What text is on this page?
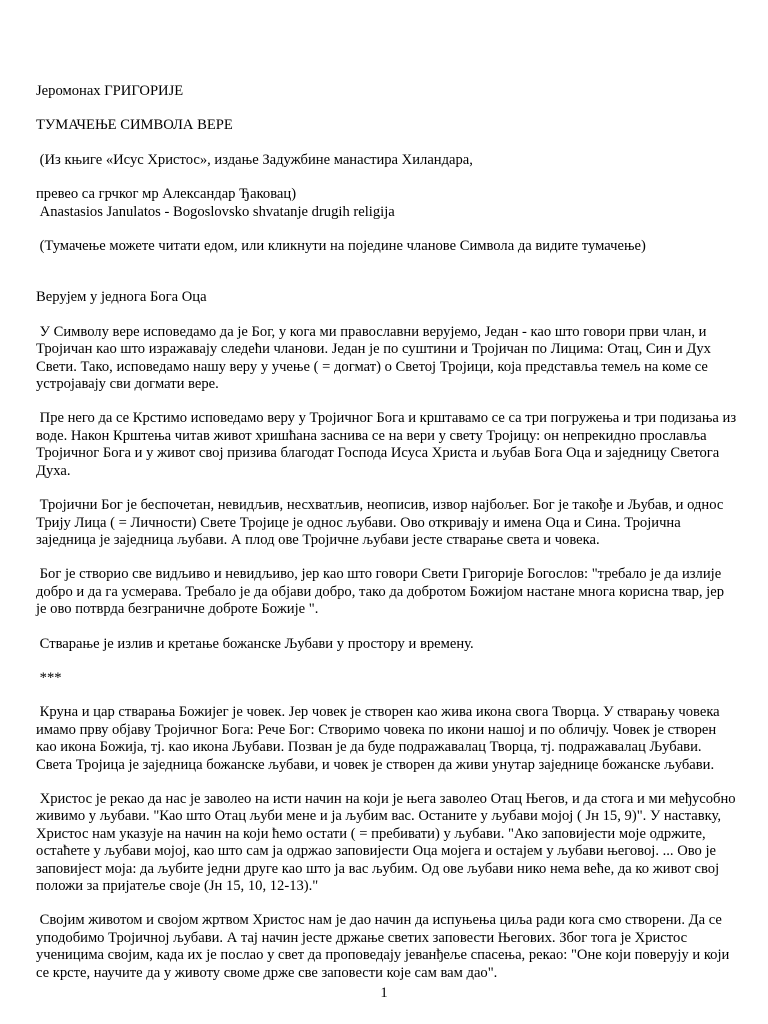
Јеромонах ГРИГОРИЈЕ

ТУМАЧЕЊЕ СИМВОЛА ВЕРЕ

(Из књиге «Исус Христос», издање Задужбине манастира Хиландара,

превео са грчког мр Александар Ђаковац)

Anastasios Janulatos - Bogoslovsko shvatanje drugih religija

(Тумачење можете читати едом, или кликнути на појединe чланове Символа да видите тумачење)

Верујем у једнога Бога Оца

У Символу вере исповедамо да је Бог, у кога ми православни верујемо, Један - као што говори први члан, и Тројичан као што изражавају следећи чланови. Један је по суштини и Тројичан по Лицима: Отац, Син и Дух Свети. Тако, исповедамо нашу веру у учење ( = догмат) о Светој Тројици, која представља темељ на коме се устројавају сви догмати вере.

Пре него да се Крстимо исповедамо веру у Тројичног Бога и крштавамо се са три погружења и три подизања из воде. Након Крштења читав живот хришћана заснива се на вери у свету Тројицу: он непрекидно прославља Тројичног Бога и у живот свој призива благодат Господа Исуса Христа и љубав Бога Оца и заједницу Светога Духа.

Тројични Бог је беспочетан, невидљив, несхватљив, неописив, извор најбољег. Бог је такође и Љубав, и однос Тријy Лица ( = Личности) Свете Тројице је однос љубави. Ово откривају и имена Оца и Сина. Тројична заједница је заједница љубави. А плод ове Тројичне љубави јесте стварање света и човека.

Бог је створио све видљиво и невидљиво, јер као што говори Свети Григорије Богослов: "требало је да излије добро и да га усмерава. Требало је да објави добро, тако да добротом Божијом настане многа корисна твар, јер је ово потврда безграничне доброте Божије ".

Стварање је излив и кретање божанске Љубави у простору и времену.

***

Круна и цар стварања Божијег је човек. Јер човек је створен као жива икона свога Творца. У стварању човека имамо прву објаву Тројичног Бога: Рече Бог: Створимо човека по икони нашој и по обличју. Човек је створен као икона Божија, тј. као икона Љубави. Позван је да буде подражавалац Творца, тј. подражавалац Љубави. Света Тројица је заједница божанске љубави, и човек је створен да живи унутар заједнице божанске љубави.

Христос је рекао да нас је заволео на исти начин на који је њега заволео Отац Његов, и да стога и ми међусобно живимо у љубави. "Као што Отац љуби мене и ја љубим вас. Останите у љубави мојој ( Јн 15, 9)". У наставку, Христос нам указује на начин на који ћемо остати ( = пребивати) у љубави. "Ако заповијести моје одржите, остаћете у љубави мојој, као што сам ја одржао заповијести Оца мојега и остајем у љубави његовој. ... Ово је заповијест моја: да љубите једни друге као што ја вас љубим. Од ове љубави нико нема веће, да ко живот свој положи за пријатеље своје (Јн 15, 10, 12-13)."

Својим животом и својом жртвом Христос нам је дао начин да испуњења циља ради кога смо створени. Да се уподобимо Тројичној љубави. А тај начин јесте држање светих заповести Његових. Због тога је Христос ученицима својим, када их је послао у свет да проповедају јеванђеље спасења, рекао: "Оне који поверују и који се крсте, научите да у животу своме држе све заповести које сам вам дао".

1
